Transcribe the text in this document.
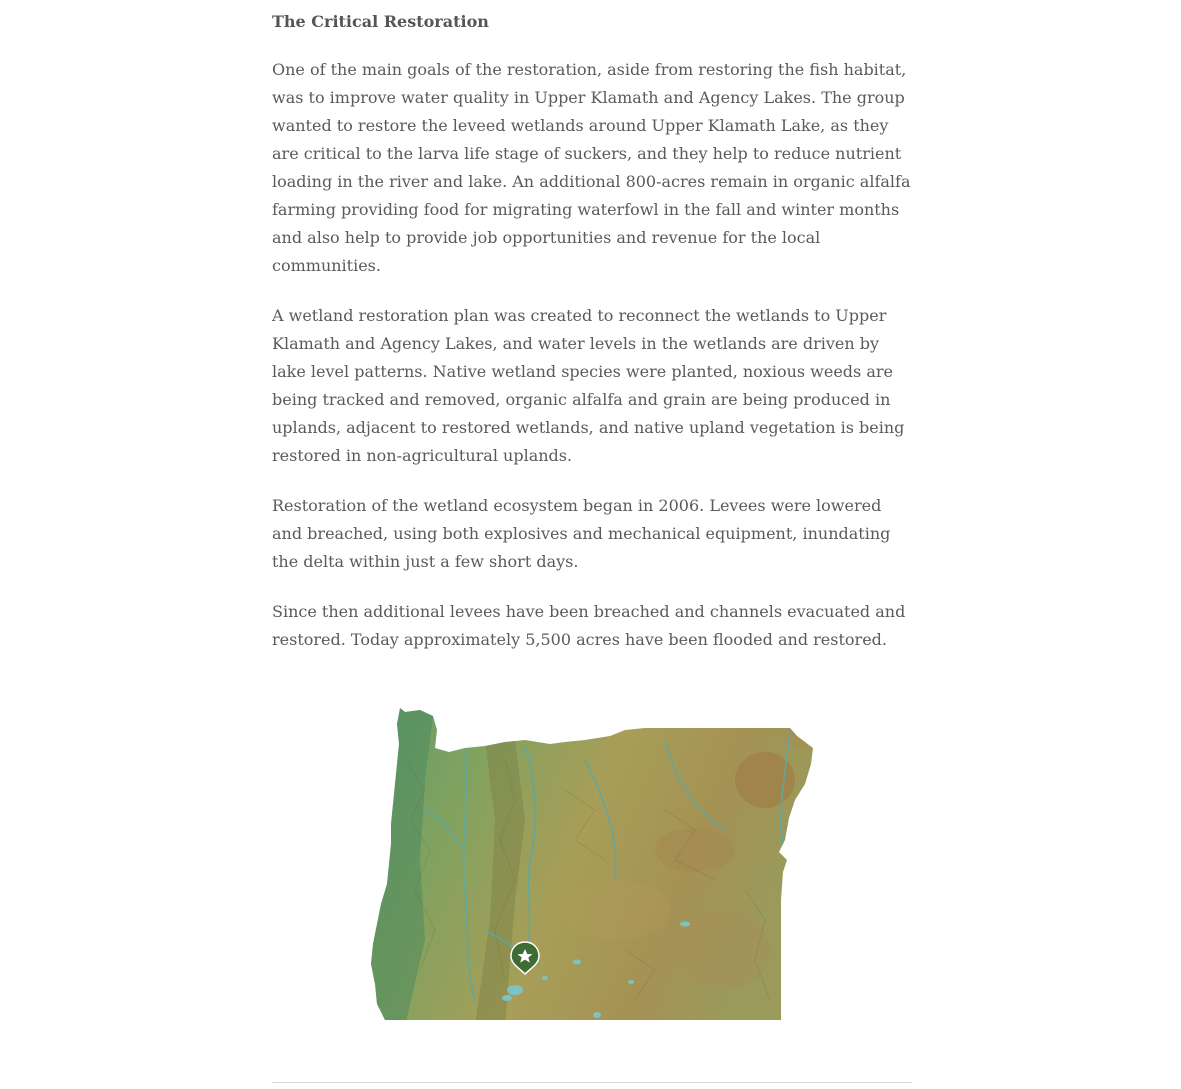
The Critical Restoration

One of the main goals of the restoration, aside from restoring the fish habitat, was to improve water quality in Upper Klamath and Agency Lakes. The group wanted to restore the leveed wetlands around Upper Klamath Lake, as they are critical to the larva life stage of suckers, and they help to reduce nutrient loading in the river and lake. An additional 800-acres remain in organic alfalfa farming providing food for migrating waterfowl in the fall and winter months and also help to provide job opportunities and revenue for the local communities.

A wetland restoration plan was created to reconnect the wetlands to Upper Klamath and Agency Lakes, and water levels in the wetlands are driven by lake level patterns. Native wetland species were planted, noxious weeds are being tracked and removed, organic alfalfa and grain are being produced in uplands, adjacent to restored wetlands, and native upland vegetation is being restored in non-agricultural uplands.

Restoration of the wetland ecosystem began in 2006. Levees were lowered and breached, using both explosives and mechanical equipment, inundating the delta within just a few short days.

Since then additional levees have been breached and channels evacuated and restored. Today approximately 5,500 acres have been flooded and restored.
